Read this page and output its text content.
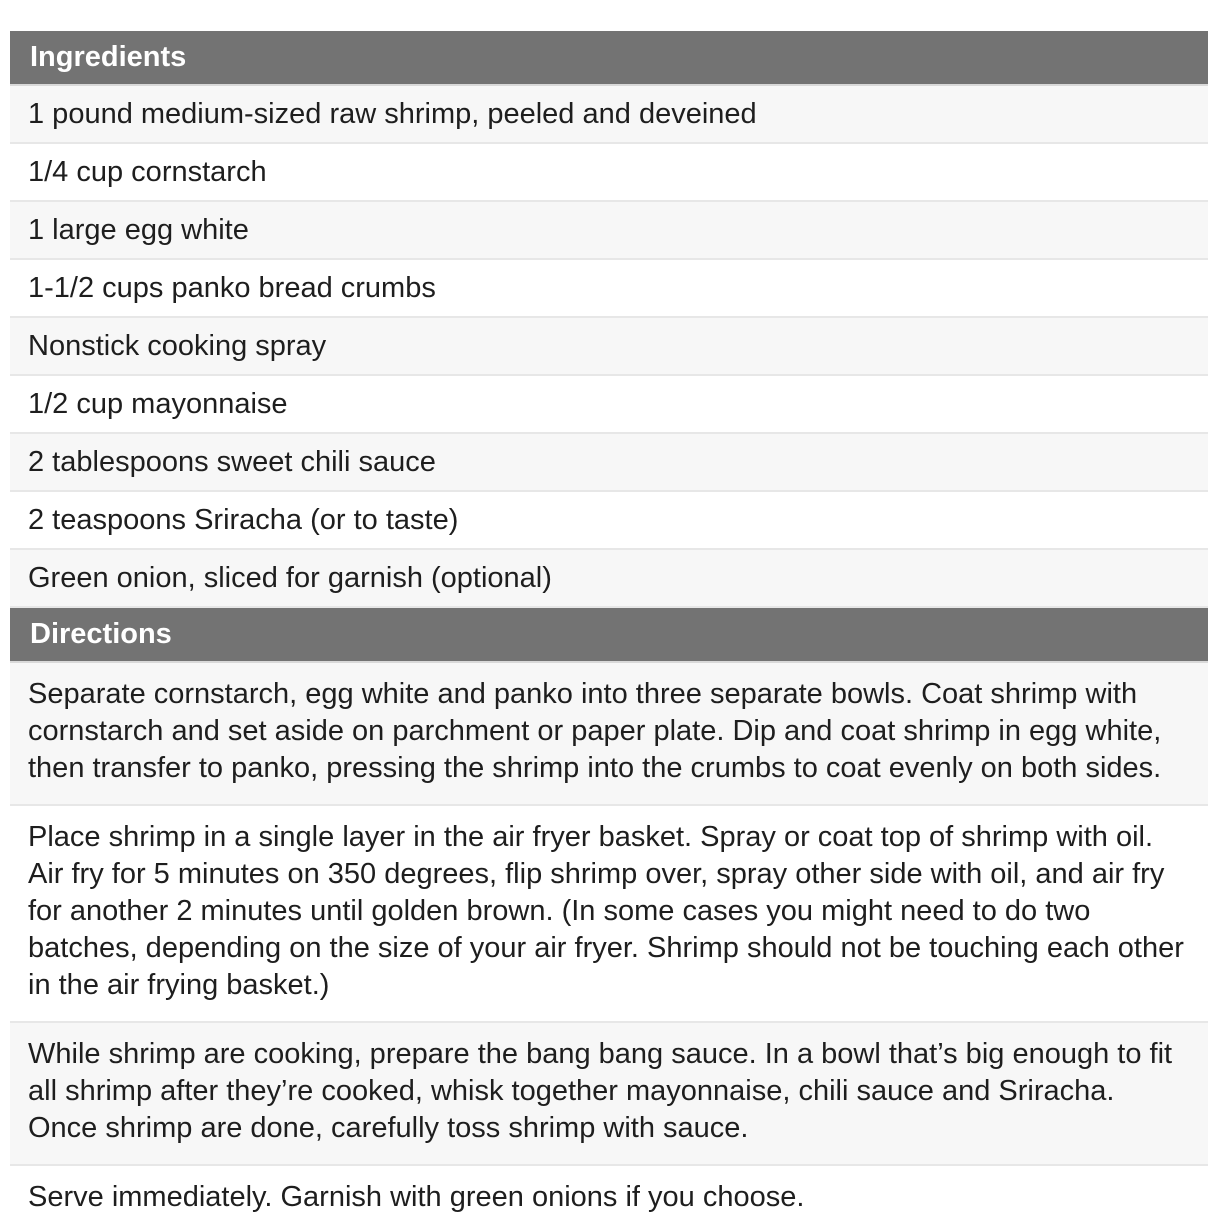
Ingredients
1 pound medium-sized raw shrimp, peeled and deveined
1/4 cup cornstarch
1 large egg white
1-1/2 cups panko bread crumbs
Nonstick cooking spray
1/2 cup mayonnaise
2 tablespoons sweet chili sauce
2 teaspoons Sriracha (or to taste)
Green onion, sliced for garnish (optional)
Directions
Separate cornstarch, egg white and panko into three separate bowls. Coat shrimp with cornstarch and set aside on parchment or paper plate. Dip and coat shrimp in egg white, then transfer to panko, pressing the shrimp into the crumbs to coat evenly on both sides.
Place shrimp in a single layer in the air fryer basket. Spray or coat top of shrimp with oil. Air fry for 5 minutes on 350 degrees, flip shrimp over, spray other side with oil, and air fry for another 2 minutes until golden brown. (In some cases you might need to do two batches, depending on the size of your air fryer. Shrimp should not be touching each other in the air frying basket.)
While shrimp are cooking, prepare the bang bang sauce. In a bowl that’s big enough to fit all shrimp after they’re cooked, whisk together mayonnaise, chili sauce and Sriracha. Once shrimp are done, carefully toss shrimp with sauce.
Serve immediately. Garnish with green onions if you choose.
